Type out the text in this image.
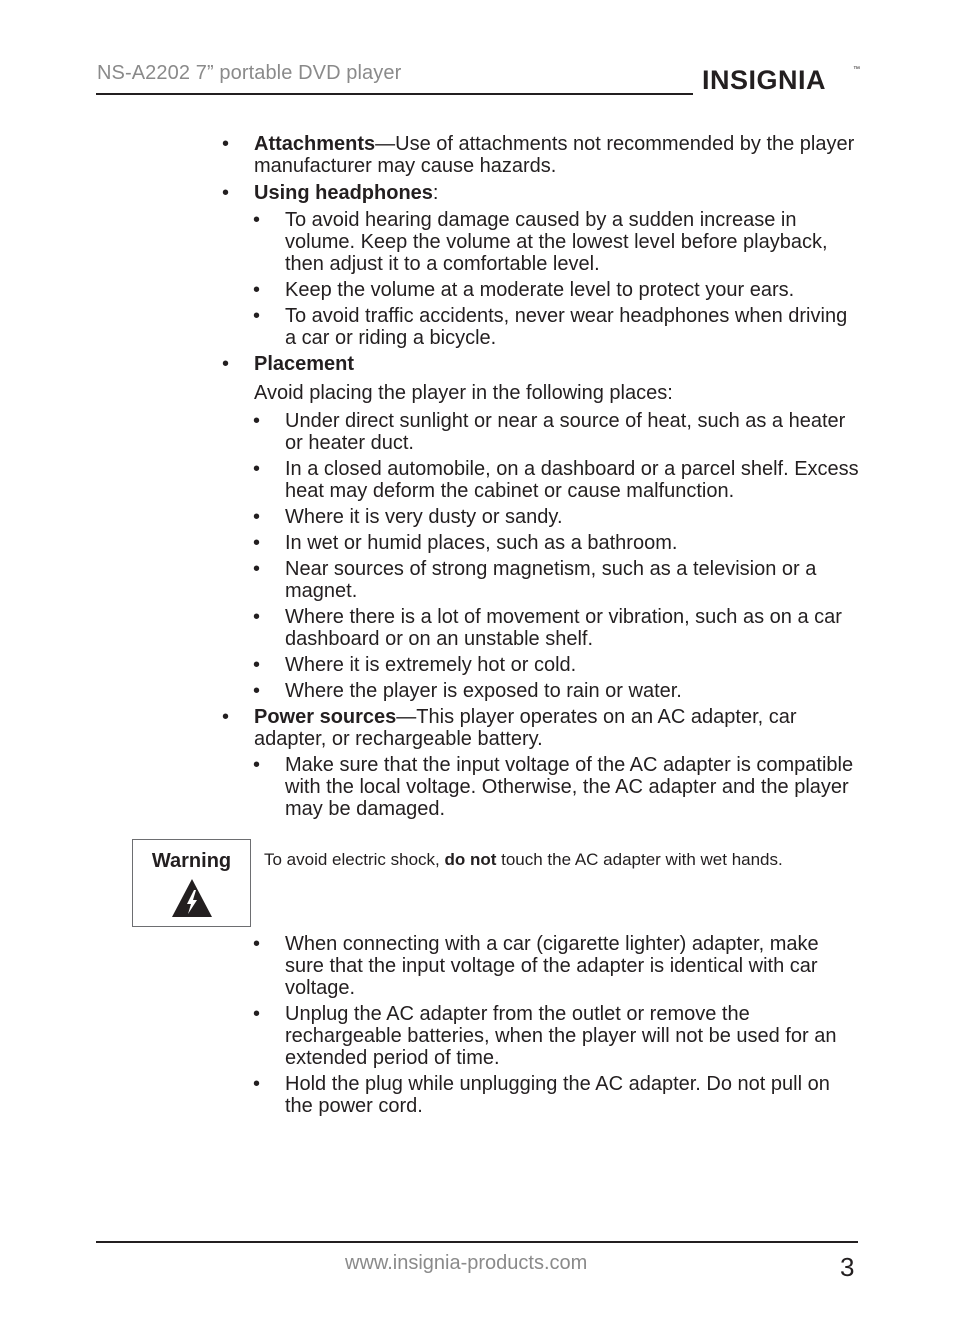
NS-A2202 7” portable DVD player	INSIGNIA	™
• Attachments—Use of attachments not recommended by the player manufacturer may cause hazards.
• Using headphones:
• To avoid hearing damage caused by a sudden increase in volume. Keep the volume at the lowest level before playback, then adjust it to a comfortable level.
• Keep the volume at a moderate level to protect your ears.
• To avoid traffic accidents, never wear headphones when driving a car or riding a bicycle.
• Placement
Avoid placing the player in the following places:
• Under direct sunlight or near a source of heat, such as a heater or heater duct.
• In a closed automobile, on a dashboard or a parcel shelf. Excess heat may deform the cabinet or cause malfunction.
• Where it is very dusty or sandy.
• In wet or humid places, such as a bathroom.
• Near sources of strong magnetism, such as a television or a magnet.
• Where there is a lot of movement or vibration, such as on a car dashboard or on an unstable shelf.
• Where it is extremely hot or cold.
• Where the player is exposed to rain or water.
• Power sources—This player operates on an AC adapter, car adapter, or rechargeable battery.
• Make sure that the input voltage of the AC adapter is compatible with the local voltage. Otherwise, the AC adapter and the player may be damaged.
Warning	To avoid electric shock, do not touch the AC adapter with wet hands.
• When connecting with a car (cigarette lighter) adapter, make sure that the input voltage of the adapter is identical with car voltage.
• Unplug the AC adapter from the outlet or remove the rechargeable batteries, when the player will not be used for an extended period of time.
• Hold the plug while unplugging the AC adapter. Do not pull on the power cord.
www.insignia-products.com	3
